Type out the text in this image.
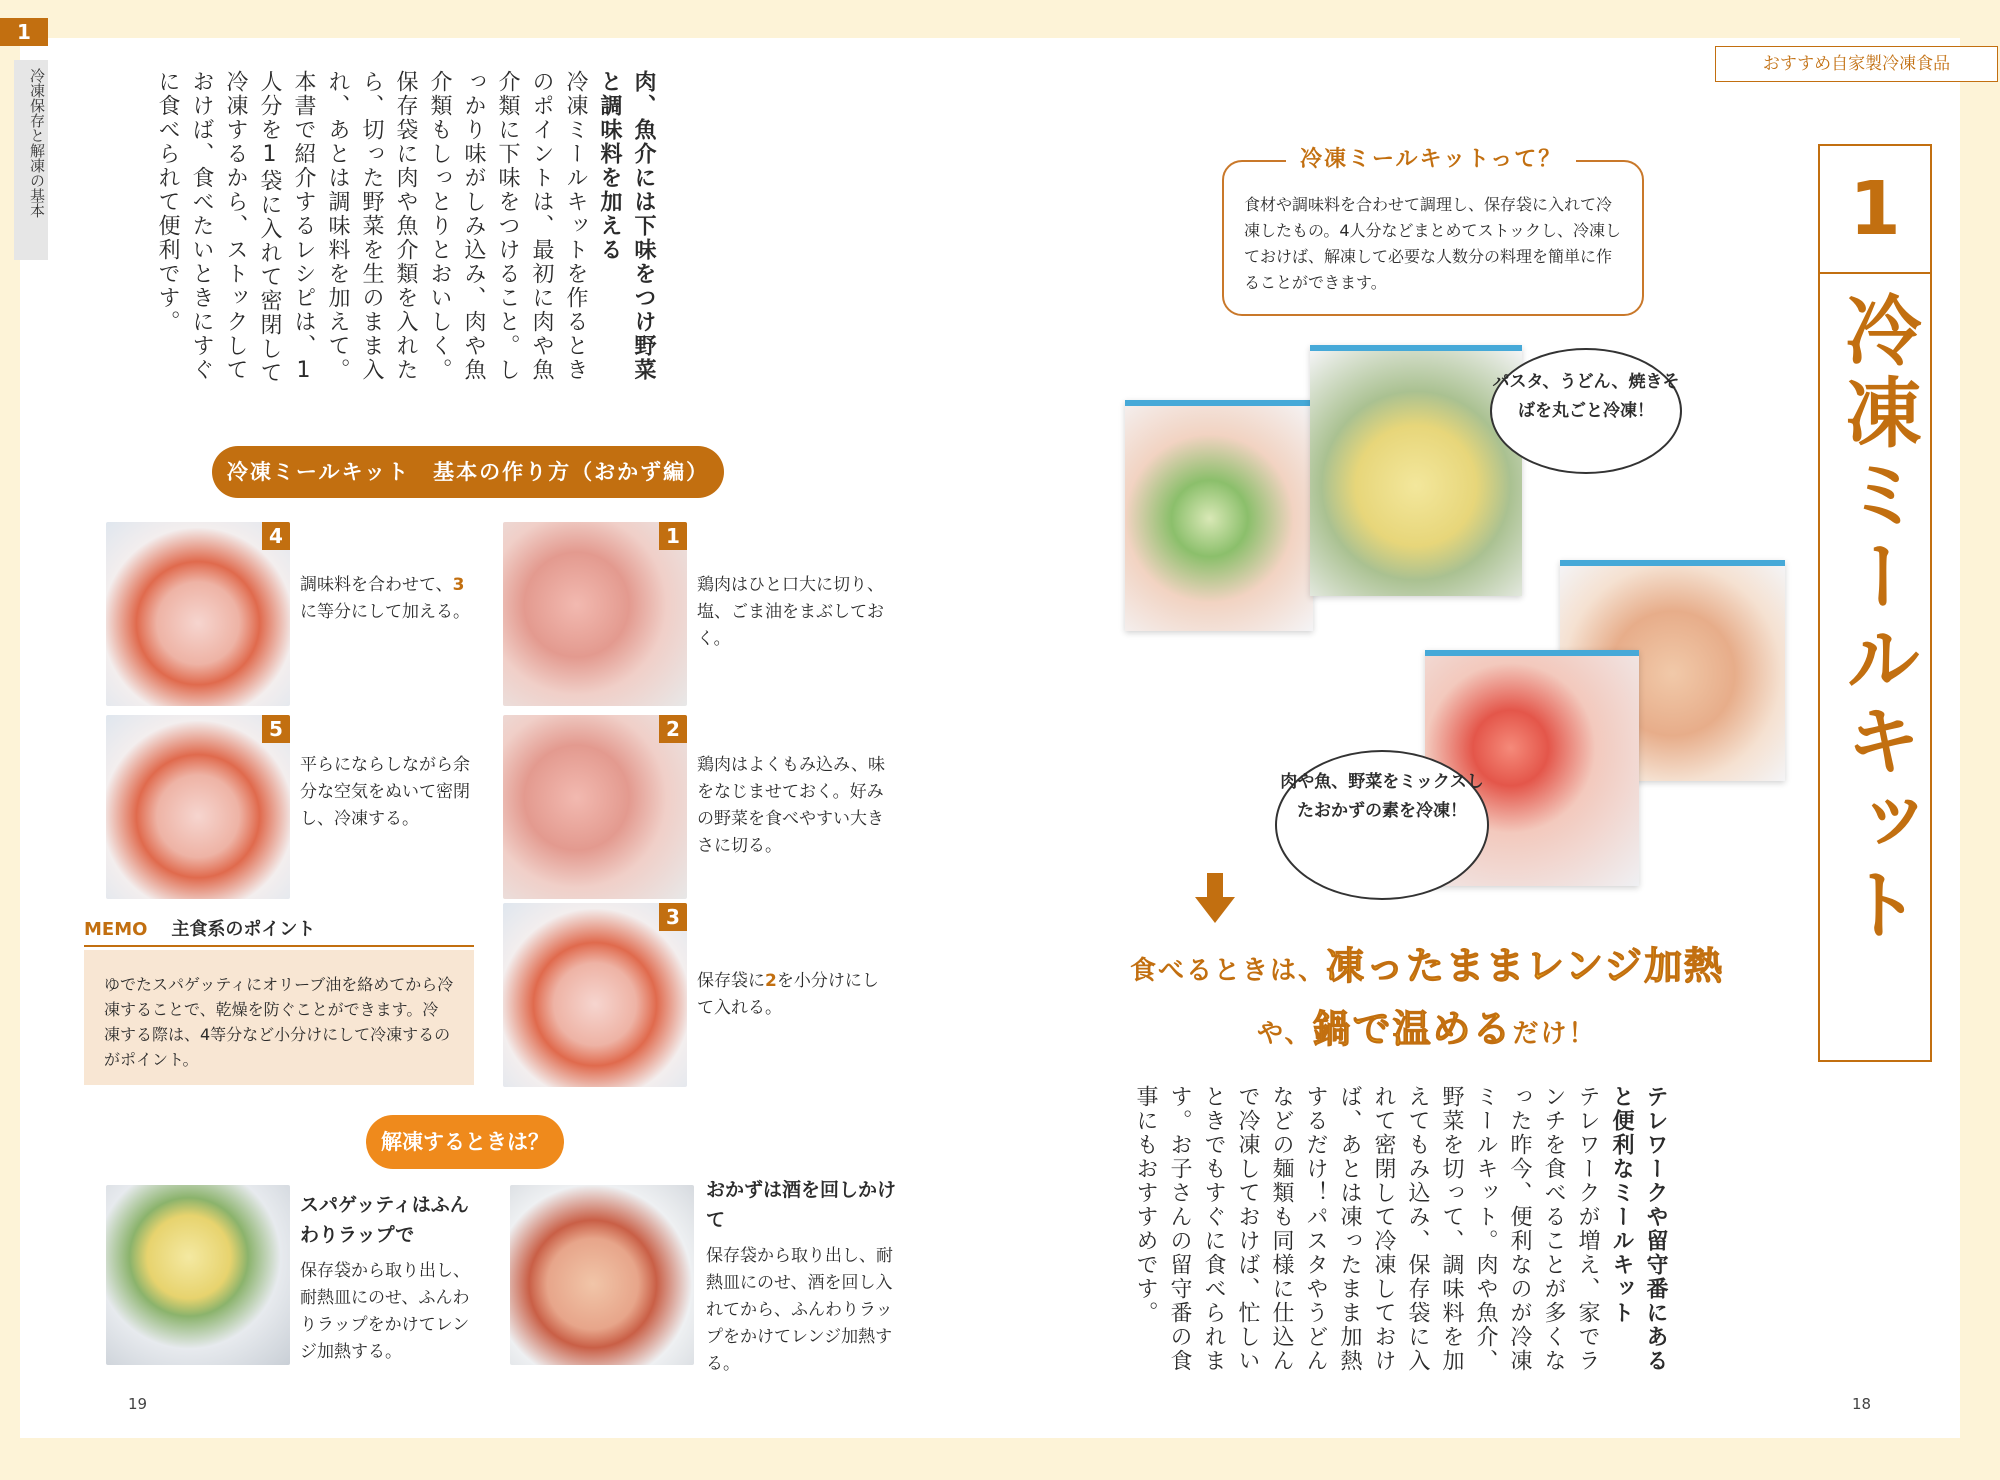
1
冷凍保存と解凍の基本	肉、魚介には下味をつけ野菜と調味料を加える
冷凍ミールキットを作るときのポイントは、最初に肉や魚介類に下味をつけること。しっかり味がしみ込み、肉や魚介類もしっとりとおいしく。保存袋に肉や魚介類を入れたら、切った野菜を生のまま入れ、あとは調味料を加えて。本書で紹介するレシピは、1人分を1袋に入れて密閉して冷凍するから、ストックしておけば、食べたいときにすぐに食べられて便利です。
冷凍ミールキット　基本の作り方（おかず編）
4
調味料を合わせて、3に等分にして加える。
1
鶏肉はひと口大に切り、塩、ごま油をまぶしておく。
5
平らにならしながら余分な空気をぬいて密閉し、冷凍する。
2
鶏肉はよくもみ込み、味をなじませておく。好みの野菜を食べやすい大きさに切る。
MEMO 主食系のポイント
ゆでたスパゲッティにオリーブ油を絡めてから冷凍することで、乾燥を防ぐことができます。冷凍する際は、4等分など小分けにして冷凍するのがポイント。
3
保存袋に2を小分けにして入れる。
解凍するときは？
スパゲッティはふんわりラップで
保存袋から取り出し、耐熱皿にのせ、ふんわりラップをかけてレンジ加熱する。
おかずは酒を回しかけて
保存袋から取り出し、耐熱皿にのせ、酒を回し入れてから、ふんわりラップをかけてレンジ加熱する。
19
おすすめ自家製冷凍食品
1
冷凍ミールキット
食材や調味料を合わせて調理し、保存袋に入れて冷凍したもの。4人分などまとめてストックし、冷凍しておけば、解凍して必要な人数分の料理を簡単に作ることができます。
冷凍ミールキットって？
パスタ、うどん、焼きそばを丸ごと冷凍！
肉や魚、野菜をミックスしたおかずの素を冷凍！
食べるときは、凍ったままレンジ加熱
や、鍋で温めるだけ！
テレワークや留守番にあると便利なミールキット
テレワークが増え、家でランチを食べることが多くなった昨今、便利なのが冷凍ミールキット。肉や魚介、野菜を切って、調味料を加えてもみ込み、保存袋に入れて密閉して冷凍しておけば、あとは凍ったまま加熱するだけ！パスタやうどんなどの麺類も同様に仕込んで冷凍しておけば、忙しいときでもすぐに食べられます。お子さんの留守番の食事にもおすすめです。
18
